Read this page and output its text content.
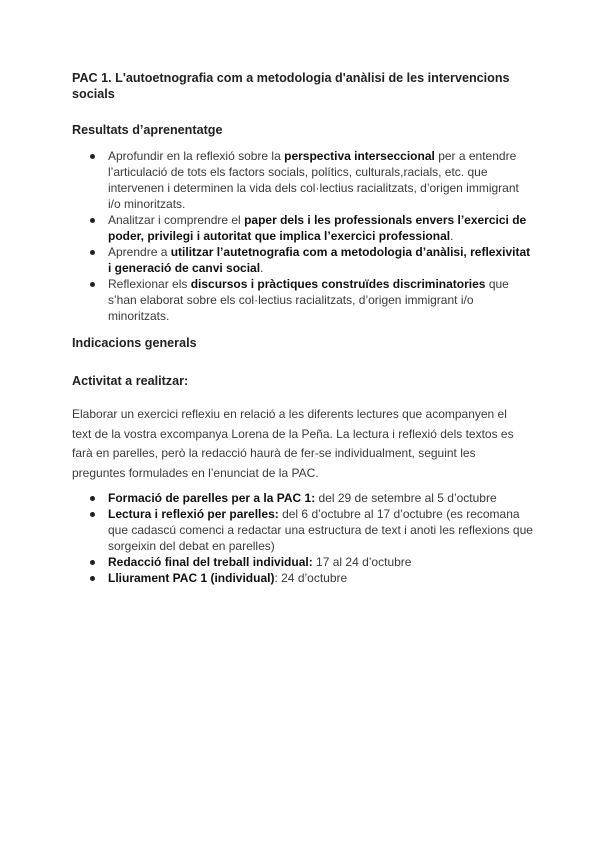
PAC 1. L'autoetnografia com a metodologia d'anàlisi de les intervencions socials

Resultats d’aprenentatge

Aprofundir en la reflexió sobre la perspectiva interseccional per a entendre l’articulació de tots els factors socials, polítics, culturals,racials, etc. que intervenen i determinen la vida dels col·lectius racialitzats, d’origen immigrant i/o minoritzats.
Analitzar i comprendre el paper dels i les professionals envers l’exercici de poder, privilegi i autoritat que implica l’exercici professional.
Aprendre a utilitzar l’autetnografia com a metodologia d’anàlisi, reflexivitat i generació de canvi social.
Reflexionar els discursos i pràctiques construïdes discriminatories que s’han elaborat sobre els col·lectius racialitzats, d’origen immigrant i/o minoritzats.

Indicacions generals

Activitat a realitzar:

Elaborar un exercici reflexiu en relació a les diferents lectures que acompanyen el text de la vostra excompanya Lorena de la Peña. La lectura i reflexió dels textos es farà en parelles, però la redacció haurà de fer-se individualment, seguint les preguntes formulades en l’enunciat de la PAC.

Formació de parelles per a la PAC 1: del 29 de setembre al 5 d’octubre
Lectura i reflexió per parelles: del 6 d’octubre al 17 d’octubre (es recomana que cadascú comenci a redactar una estructura de text i anoti les reflexions que sorgeixin del debat en parelles)
Redacció final del treball individual: 17 al 24 d’octubre
Lliurament PAC 1 (individual): 24 d’octubre
